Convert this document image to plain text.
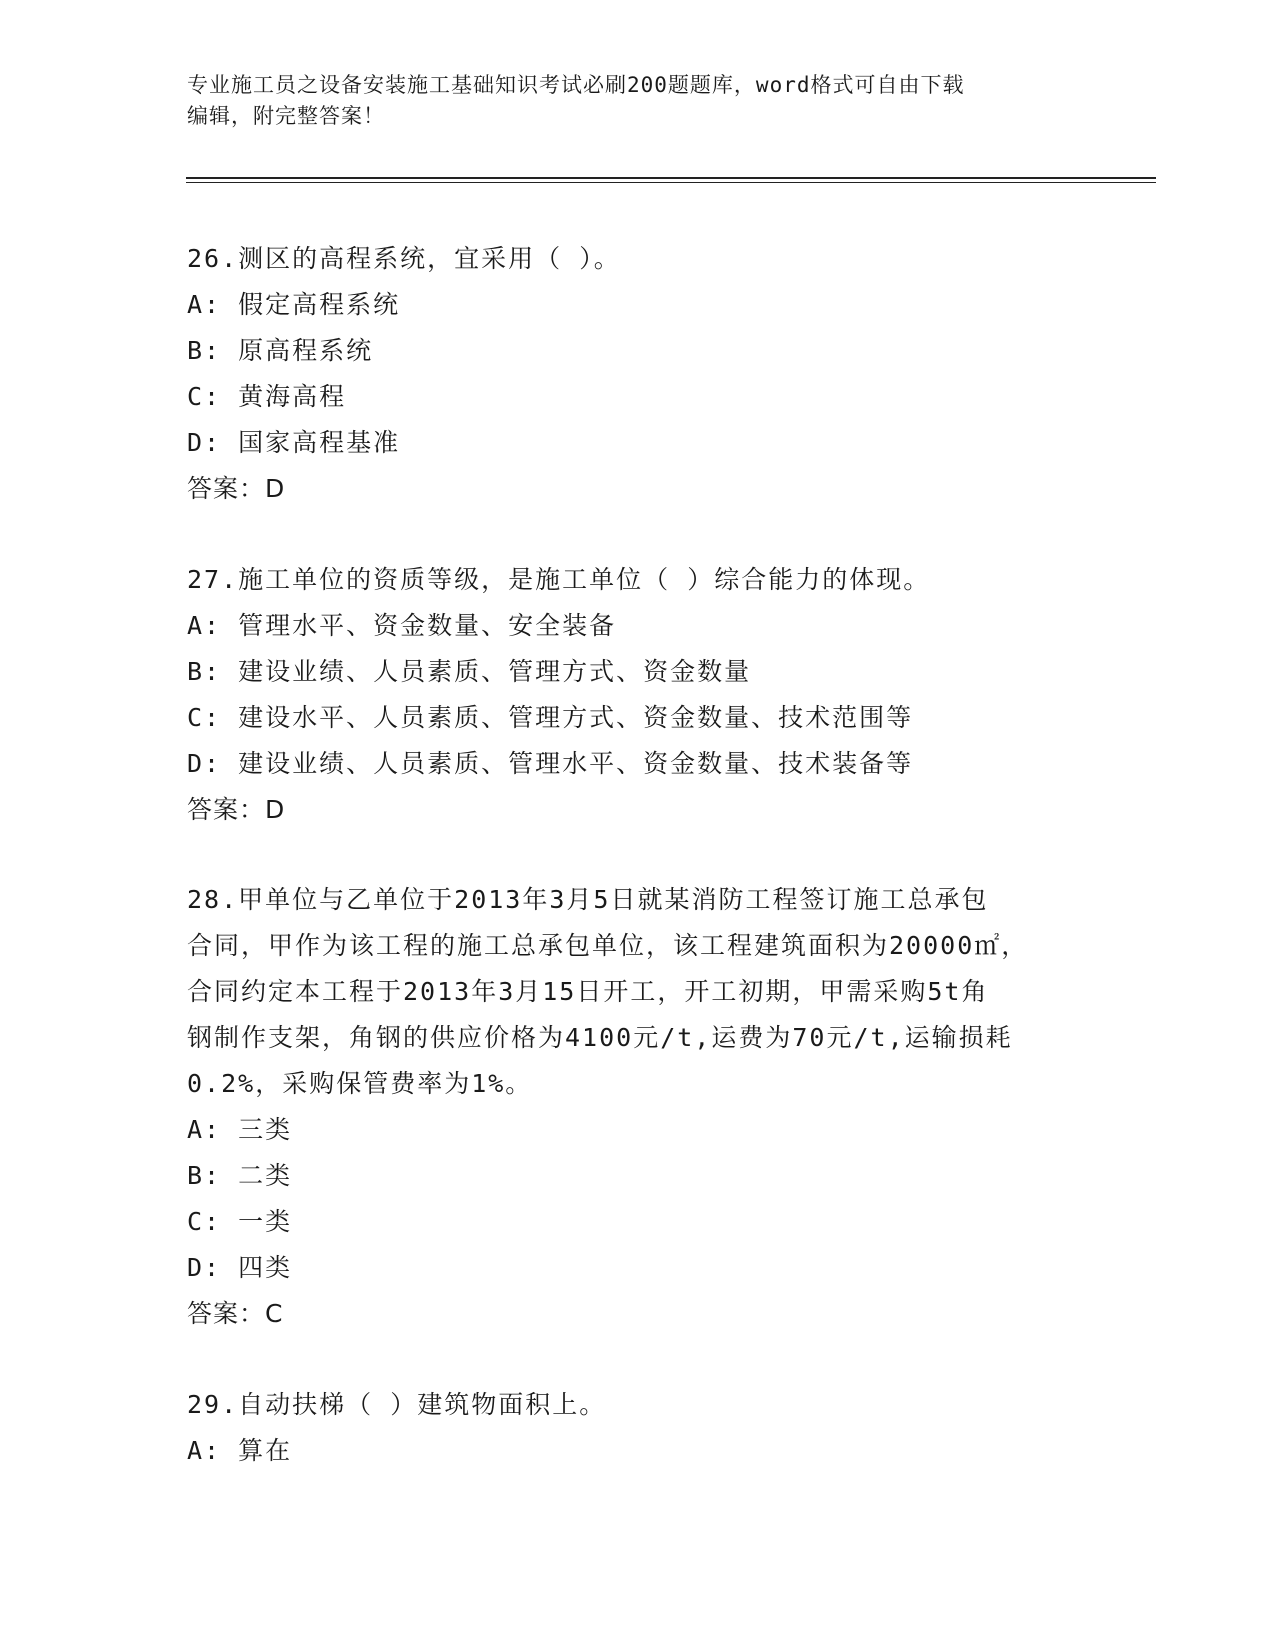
专业施工员之设备安装施工基础知识考试必刷200题题库，word格式可自由下载
编辑，附完整答案！
26.测区的高程系统，宜采用（ ）。
A: 假定高程系统
B: 原高程系统
C: 黄海高程
D: 国家高程基准
答案：D
27.施工单位的资质等级，是施工单位（ ）综合能力的体现。
A: 管理水平、资金数量、安全装备
B: 建设业绩、人员素质、管理方式、资金数量
C: 建设水平、人员素质、管理方式、资金数量、技术范围等
D: 建设业绩、人员素质、管理水平、资金数量、技术装备等
答案：D
28.甲单位与乙单位于2013年3月5日就某消防工程签订施工总承包
合同，甲作为该工程的施工总承包单位，该工程建筑面积为20000㎡，
合同约定本工程于2013年3月15日开工，开工初期，甲需采购5t角
钢制作支架，角钢的供应价格为4100元/t,运费为70元/t,运输损耗
0.2%，采购保管费率为1%。
A: 三类
B: 二类
C: 一类
D: 四类
答案：C
29.自动扶梯（ ）建筑物面积上。
A: 算在
